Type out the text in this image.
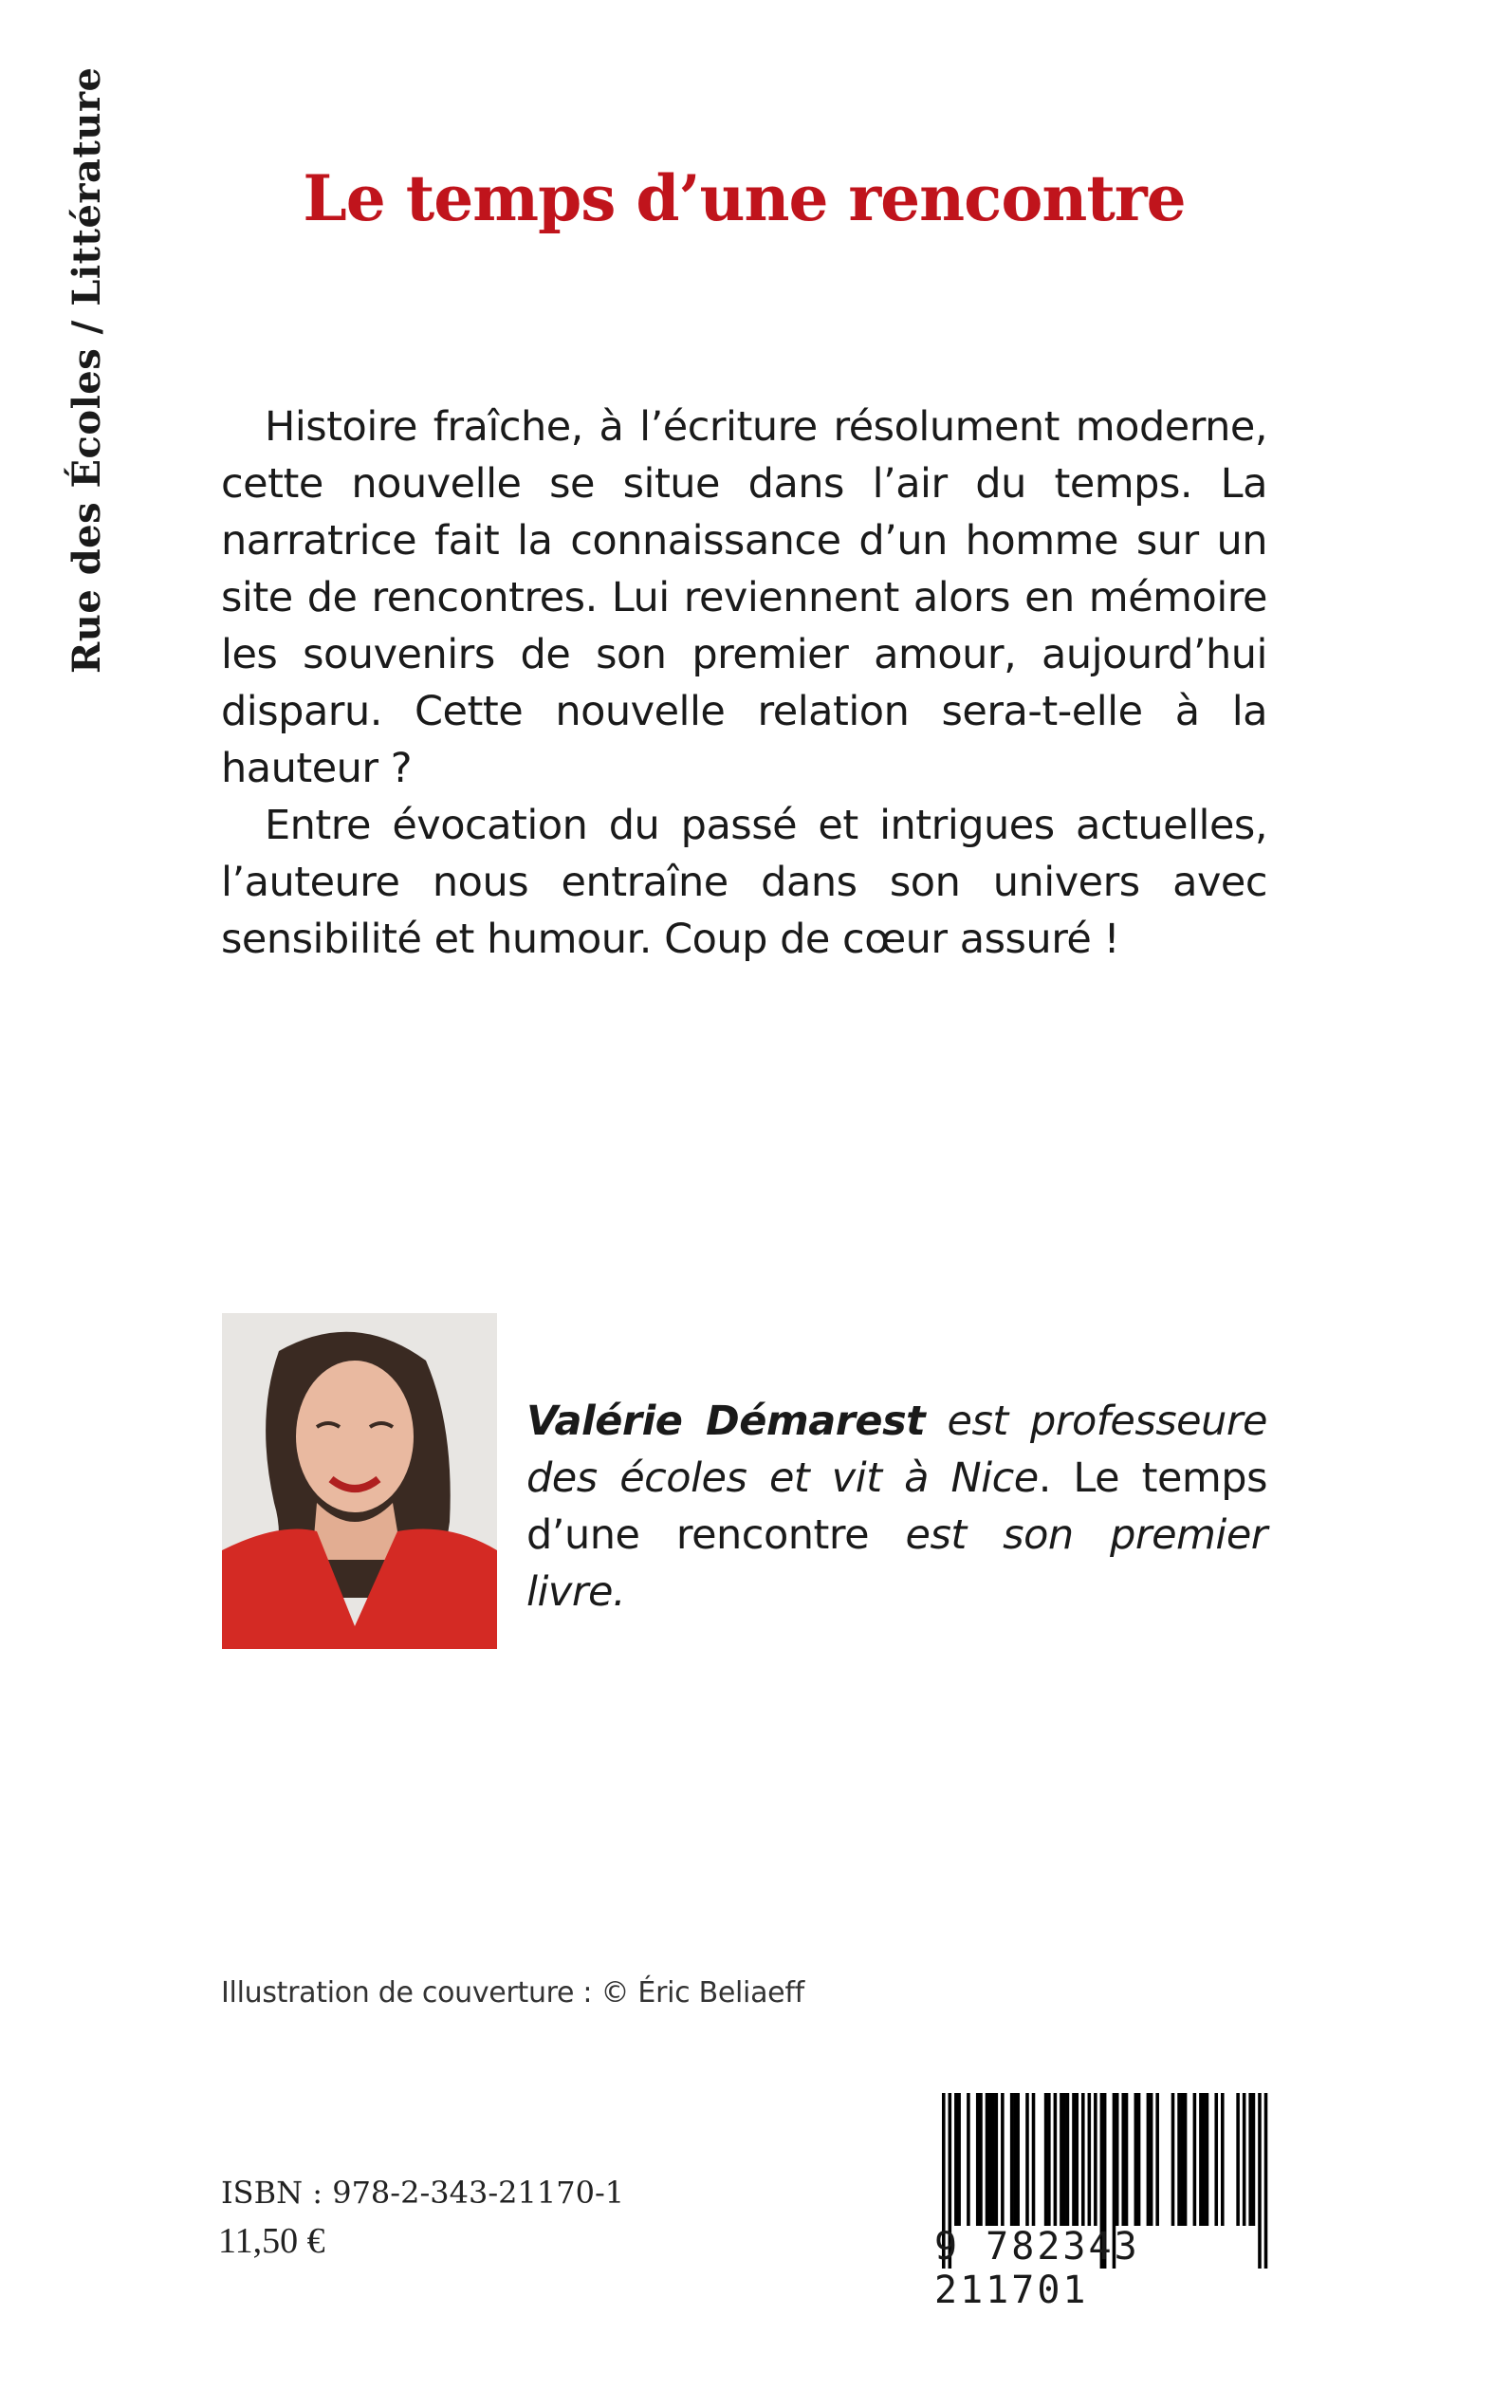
Rue des Écoles / Littérature	Le temps d’une rencontre

Histoire fraîche, à l’écriture résolument moderne, cette nouvelle se situe dans l’air du temps. La narratrice fait la connaissance d’un homme sur un site de rencontres. Lui reviennent alors en mémoire les souvenirs de son premier amour, aujourd’hui disparu. Cette nouvelle relation sera-t-elle à la hauteur ?

Entre évocation du passé et intrigues actuelles, l’auteure nous entraîne dans son univers avec sensibilité et humour. Coup de cœur assuré !

Valérie Démarest est professeure des écoles et vit à Nice. Le temps d’une rencontre est son premier livre.
Illustration de couverture : © Éric Beliaeff
ISBN : 978-2-343-21170-1
11,50 €	9 782343 211701
